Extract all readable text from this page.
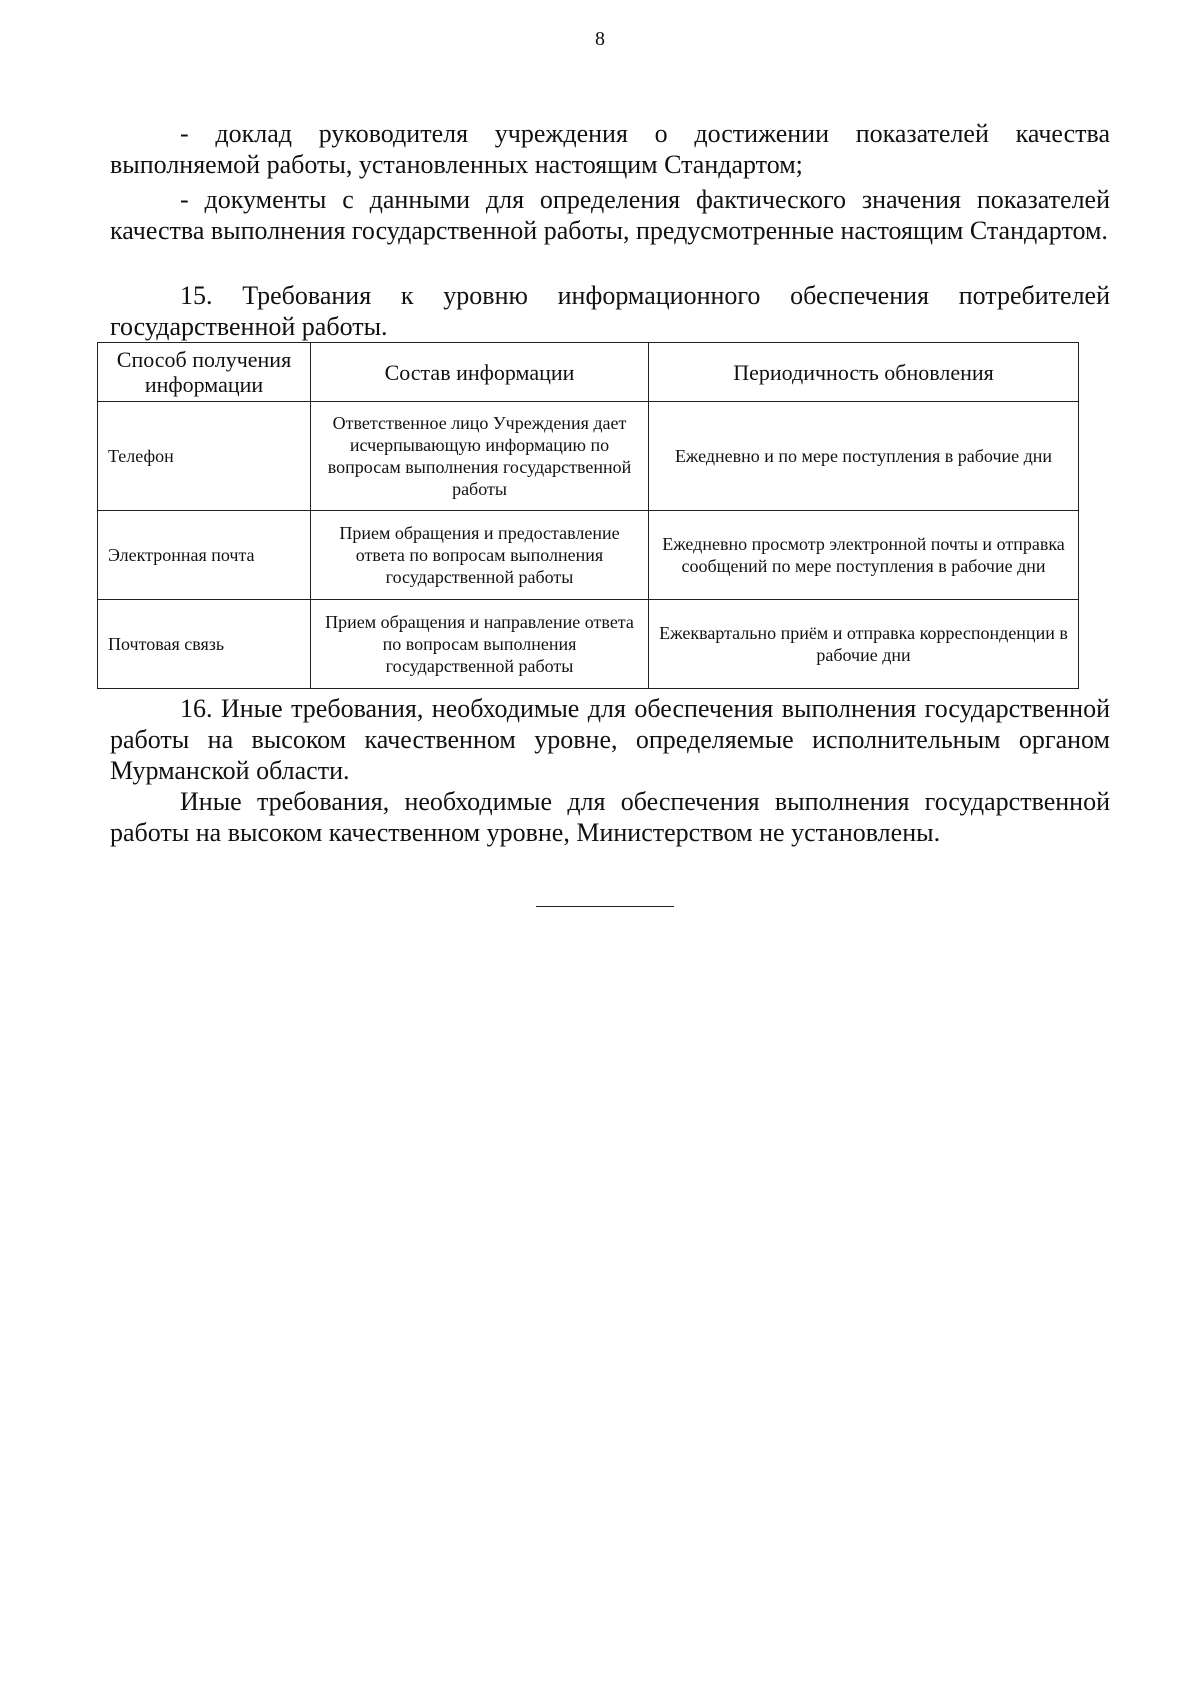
8

- доклад руководителя учреждения о достижении показателей качества выполняемой работы, установленных настоящим Стандартом;

- документы с данными для определения фактического значения показателей качества выполнения государственной работы, предусмотренные настоящим Стандартом.

15. Требования к уровню информационного обеспечения потребителей государственной работы.

Способ получения информации	Состав информации	Периодичность обновления
Телефон	Ответственное лицо Учреждения дает исчерпывающую информацию по вопросам выполнения государственной работы	Ежедневно и по мере поступления в рабочие дни
Электронная почта	Прием обращения и предоставление ответа по вопросам выполнения государственной работы	Ежедневно просмотр электронной почты и отправка сообщений по мере поступления в рабочие дни
Почтовая связь	Прием обращения и направление ответа по вопросам выполнения государственной работы	Ежеквартально приём и отправка корреспонденции в рабочие дни

16. Иные требования, необходимые для обеспечения выполнения государственной работы на высоком качественном уровне, определяемые исполнительным органом Мурманской области.

Иные требования, необходимые для обеспечения выполнения государственной работы на высоком качественном уровне, Министерством не установлены.
